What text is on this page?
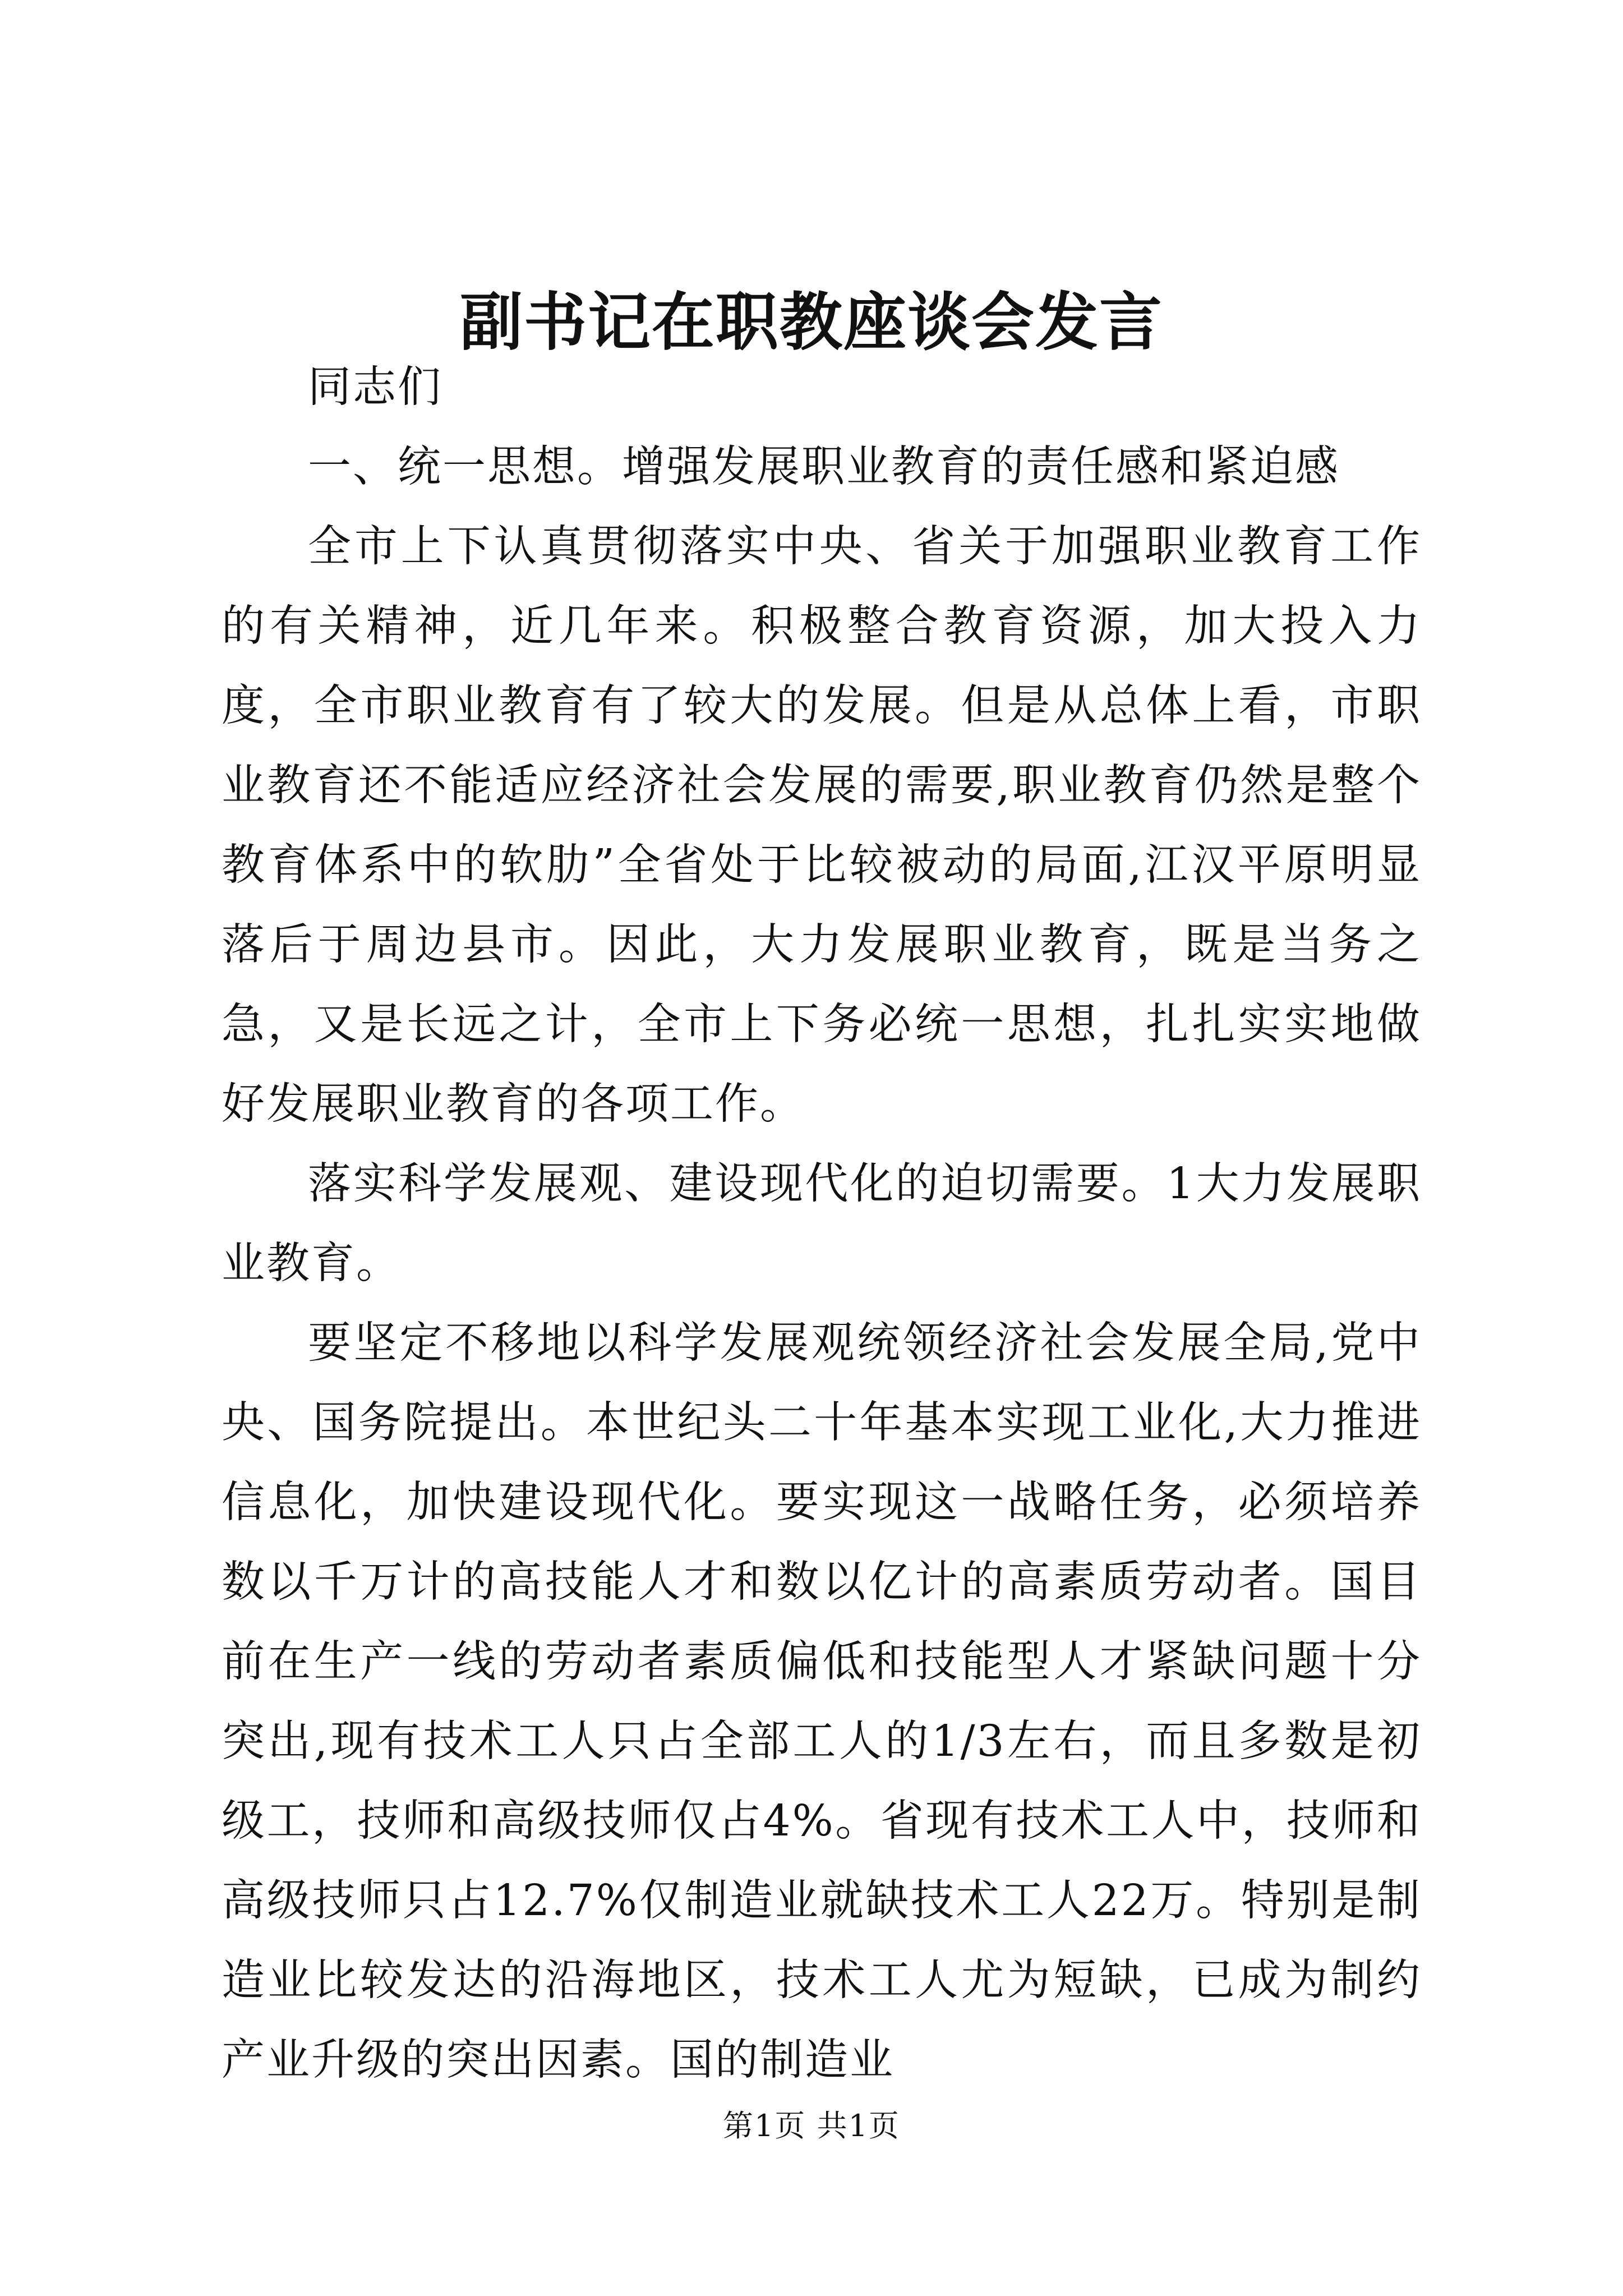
副书记在职教座谈会发言

同志们

一、统一思想。增强发展职业教育的责任感和紧迫感

全市上下认真贯彻落实中央、省关于加强职业教育工作的有关精神，近几年来。积极整合教育资源，加大投入力度，全市职业教育有了较大的发展。但是从总体上看，市职业教育还不能适应经济社会发展的需要,职业教育仍然是整个教育体系中的软肋”全省处于比较被动的局面,江汉平原明显落后于周边县市。因此，大力发展职业教育，既是当务之急，又是长远之计，全市上下务必统一思想，扎扎实实地做好发展职业教育的各项工作。

落实科学发展观、建设现代化的迫切需要。1大力发展职业教育。

要坚定不移地以科学发展观统领经济社会发展全局,党中央、国务院提出。本世纪头二十年基本实现工业化,大力推进信息化，加快建设现代化。要实现这一战略任务，必须培养数以千万计的高技能人才和数以亿计的高素质劳动者。国目前在生产一线的劳动者素质偏低和技能型人才紧缺问题十分突出,现有技术工人只占全部工人的1/3左右，而且多数是初级工，技师和高级技师仅占4%。省现有技术工人中，技师和高级技师只占12.7%仅制造业就缺技术工人22万。特别是制造业比较发达的沿海地区，技术工人尤为短缺，已成为制约产业升级的突出因素。国的制造业

第1页 共1页
